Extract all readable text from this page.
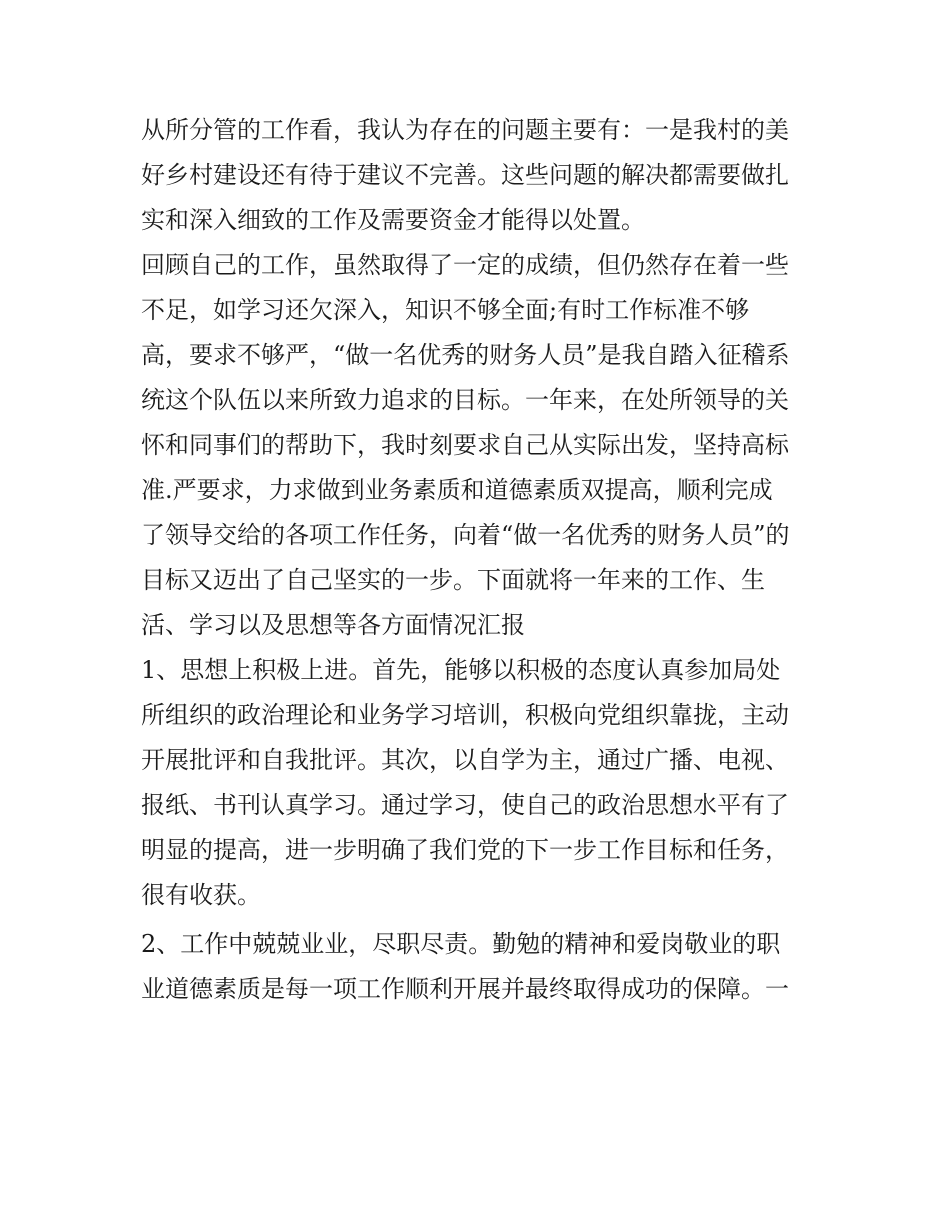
从所分管的工作看，我认为存在的问题主要有：一是我村的美
好乡村建设还有待于建议不完善。这些问题的解决都需要做扎
实和深入细致的工作及需要资金才能得以处置。
回顾自己的工作，虽然取得了一定的成绩，但仍然存在着一些
不足，如学习还欠深入，知识不够全面;有时工作标准不够
高，要求不够严，“做一名优秀的财务人员”是我自踏入征稽系
统这个队伍以来所致力追求的目标。一年来，在处所领导的关
怀和同事们的帮助下，我时刻要求自己从实际出发，坚持高标
准.严要求，力求做到业务素质和道德素质双提高，顺利完成
了领导交给的各项工作任务，向着“做一名优秀的财务人员”的
目标又迈出了自己坚实的一步。下面就将一年来的工作、生
活、学习以及思想等各方面情况汇报
1、思想上积极上进。首先，能够以积极的态度认真参加局处
所组织的政治理论和业务学习培训，积极向党组织靠拢，主动
开展批评和自我批评。其次，以自学为主，通过广播、电视、
报纸、书刊认真学习。通过学习，使自己的政治思想水平有了
明显的提高，进一步明确了我们党的下一步工作目标和任务，
很有收获。
2、工作中兢兢业业，尽职尽责。勤勉的精神和爱岗敬业的职
业道德素质是每一项工作顺利开展并最终取得成功的保障。一
